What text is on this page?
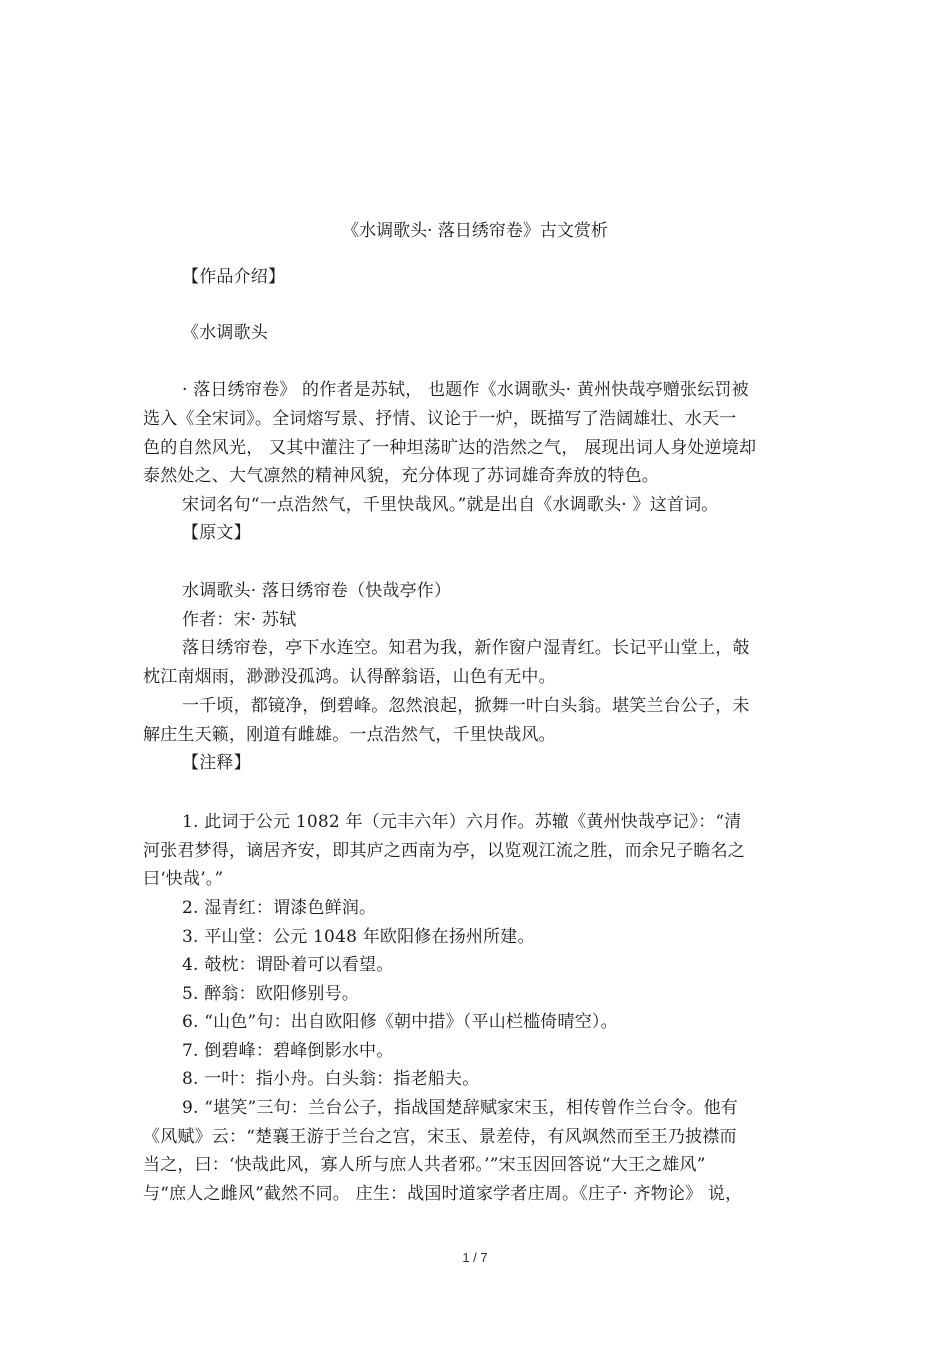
《水调歌头· 落日绣帘卷》古文赏析
【作品介绍】
《水调歌头
· 落日绣帘卷》 的作者是苏轼， 也题作《水调歌头· 黄州快哉亭赠张纭罚被
选入《全宋词》。全词熔写景、抒情、议论于一炉，既描写了浩阔雄壮、水天一
色的自然风光， 又其中灌注了一种坦荡旷达的浩然之气， 展现出词人身处逆境却
泰然处之、大气凛然的精神风貌，充分体现了苏词雄奇奔放的特色。
宋词名句“一点浩然气，千里快哉风。”就是出自《水调歌头· 》这首词。
【原文】
水调歌头· 落日绣帘卷（快哉亭作）
作者：宋· 苏轼
落日绣帘卷，亭下水连空。知君为我，新作窗户湿青红。长记平山堂上，攲
枕江南烟雨，渺渺没孤鸿。认得醉翁语，山色有无中。
一千顷，都镜净，倒碧峰。忽然浪起，掀舞一叶白头翁。堪笑兰台公子，未
解庄生天籁，刚道有雌雄。一点浩然气，千里快哉风。
【注释】
1. 此词于公元 1082 年（元丰六年）六月作。苏辙《黄州快哉亭记》：“清
河张君梦得，谪居齐安，即其庐之西南为亭，以览观江流之胜，而余兄子瞻名之
曰‘快哉’。”
2. 湿青红：谓漆色鲜润。
3. 平山堂：公元 1048 年欧阳修在扬州所建。
4. 攲枕：谓卧着可以看望。
5. 醉翁：欧阳修别号。
6. “山色”句：出自欧阳修《朝中措》（平山栏槛倚晴空）。
7. 倒碧峰：碧峰倒影水中。
8. 一叶：指小舟。白头翁：指老船夫。
9. “堪笑”三句：兰台公子，指战国楚辞赋家宋玉，相传曾作兰台令。他有
《风赋》云：“楚襄王游于兰台之宫，宋玉、景差侍，有风飒然而至王乃披襟而
当之，曰：‘快哉此风，寡人所与庶人共者邪。’”宋玉因回答说“大王之雄风”
与“庶人之雌风”截然不同。 庄生：战国时道家学者庄周。《庄子· 齐物论》 说，
1 / 7
